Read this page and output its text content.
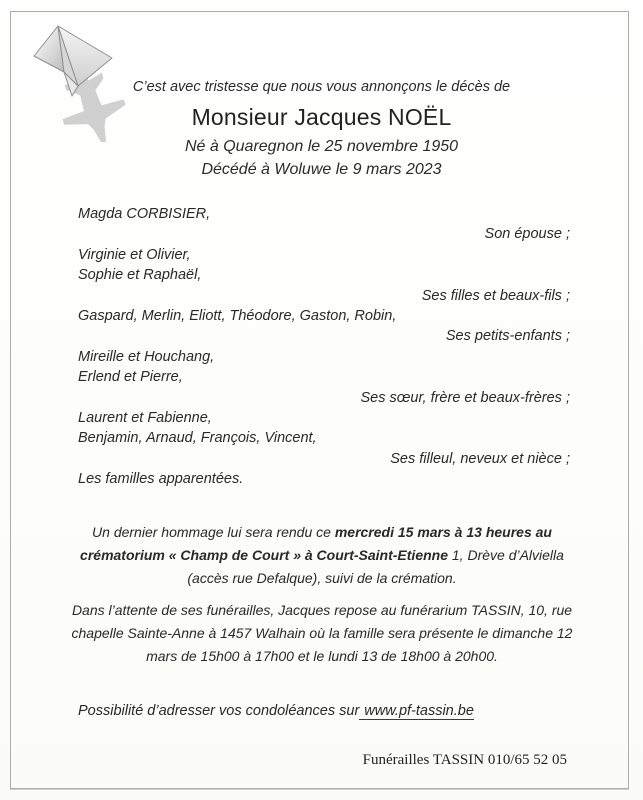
C’est avec tristesse que nous vous annonçons le décès de
Monsieur Jacques NOËL
Né à Quaregnon le 25 novembre 1950
Décédé à Woluwe le 9 mars 2023
Magda CORBISIER,
Son épouse ;
Virginie et Olivier,
Sophie et Raphaël,
Ses filles et beaux-fils ;
Gaspard, Merlin, Eliott, Théodore, Gaston, Robin,
Ses petits-enfants ;
Mireille et Houchang,
Erlend et Pierre,
Ses sœur, frère et beaux-frères ;
Laurent et Fabienne,
Benjamin, Arnaud, François, Vincent,
Ses filleul, neveux et nièce ;
Les familles apparentées.

Un dernier hommage lui sera rendu ce mercredi 15 mars à 13 heures au crématorium « Champ de Court » à Court-Saint-Etienne 1, Drève d’Alviella (accès rue Defalque), suivi de la crémation.

Dans l’attente de ses funérailles, Jacques repose au funérarium TASSIN, 10, rue chapelle Sainte-Anne à 1457 Walhain où la famille sera présente le dimanche 12 mars de 15h00 à 17h00 et le lundi 13 de 18h00 à 20h00.

Possibilité d’adresser vos condoléances sur www.pf-tassin.be

Funérailles TASSIN 010/65 52 05
